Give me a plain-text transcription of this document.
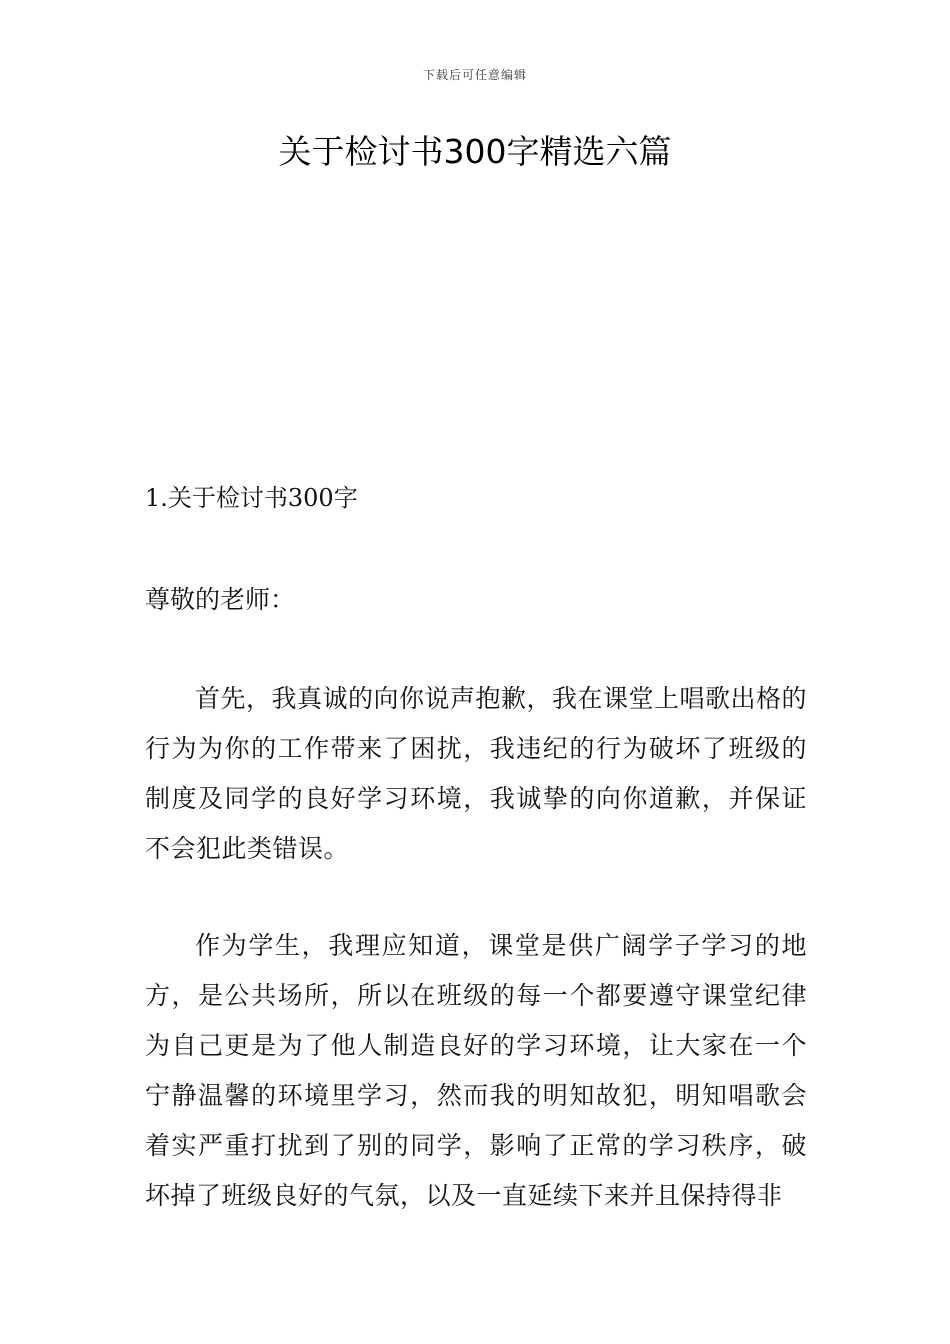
下载后可任意编辑
关于检讨书300字精选六篇
1.关于检讨书300字
尊敬的老师：

首先，我真诚的向你说声抱歉，我在课堂上唱歌出格的行为为你的工作带来了困扰，我违纪的行为破坏了班级的制度及同学的良好学习环境，我诚挚的向你道歉，并保证不会犯此类错误。

作为学生，我理应知道，课堂是供广阔学子学习的地方，是公共场所，所以在班级的每一个都要遵守课堂纪律为自己更是为了他人制造良好的学习环境，让大家在一个宁静温馨的环境里学习，然而我的明知故犯，明知唱歌会着实严重打扰到了别的同学，影响了正常的学习秩序，破坏掉了班级良好的气氛，以及一直延续下来并且保持得非
